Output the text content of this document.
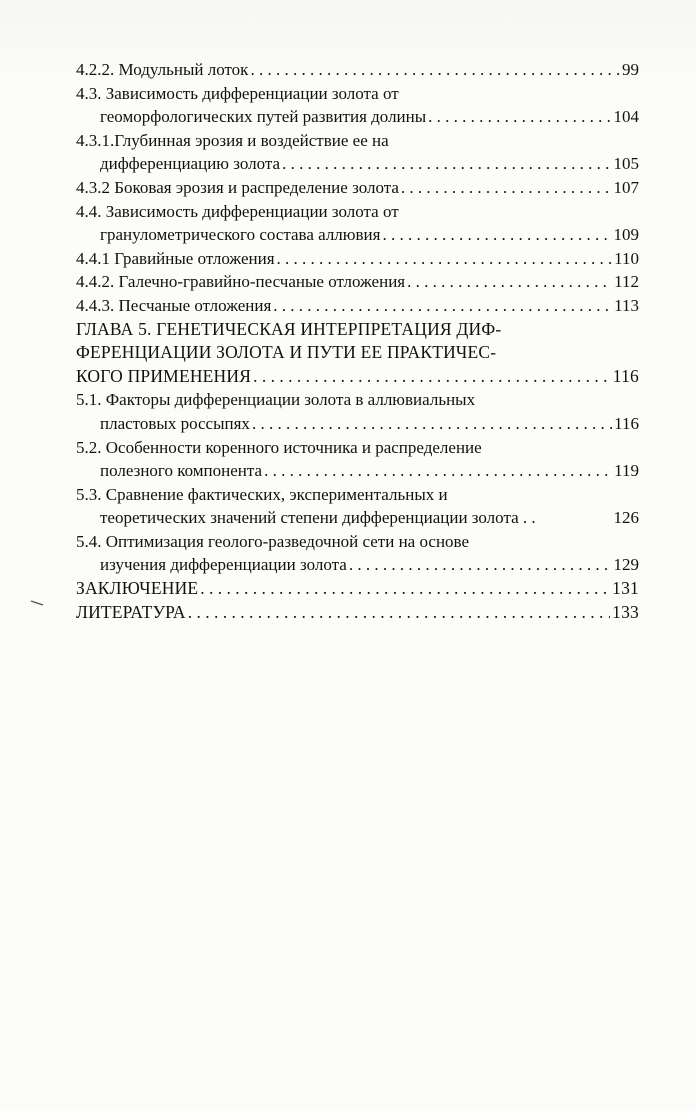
4.2.2. Модульный лоток . . .	99
4.3. Зависимость дифференциации золота от
геоморфологических путей развития долины . . .	104
4.3.1.Глубинная эрозия и воздействие ее на
дифференциацию золота . . .	105
4.3.2 Боковая эрозия и распределение золота . . .	107
4.4. Зависимость дифференциации золота от
гранулометрического состава аллювия . . .	109
4.4.1 Гравийные отложения . . .	110
4.4.2. Галечно-гравийно-песчаные отложения . . .	112
4.4.3. Песчаные отложения . . .	113
ГЛАВА 5. ГЕНЕТИЧЕСКАЯ ИНТЕРПРЕТАЦИЯ ДИФ-
ФЕРЕНЦИАЦИИ ЗОЛОТА И ПУТИ ЕЕ ПРАКТИЧЕС-
КОГО ПРИМЕНЕНИЯ . . .	116
5.1. Факторы дифференциации золота в аллювиальных
пластовых россыпях . . .	116
5.2. Особенности коренного источника и распределение
полезного компонента . . .	119
5.3. Сравнение фактических, экспериментальных и
теоретических значений степени дифференциации золота . .	126
5.4. Оптимизация геолого-разведочной сети на основе
изучения дифференциации золота . . .	129
ЗАКЛЮЧЕНИЕ . . .	131
ЛИТЕРАТУРА . . .	133
